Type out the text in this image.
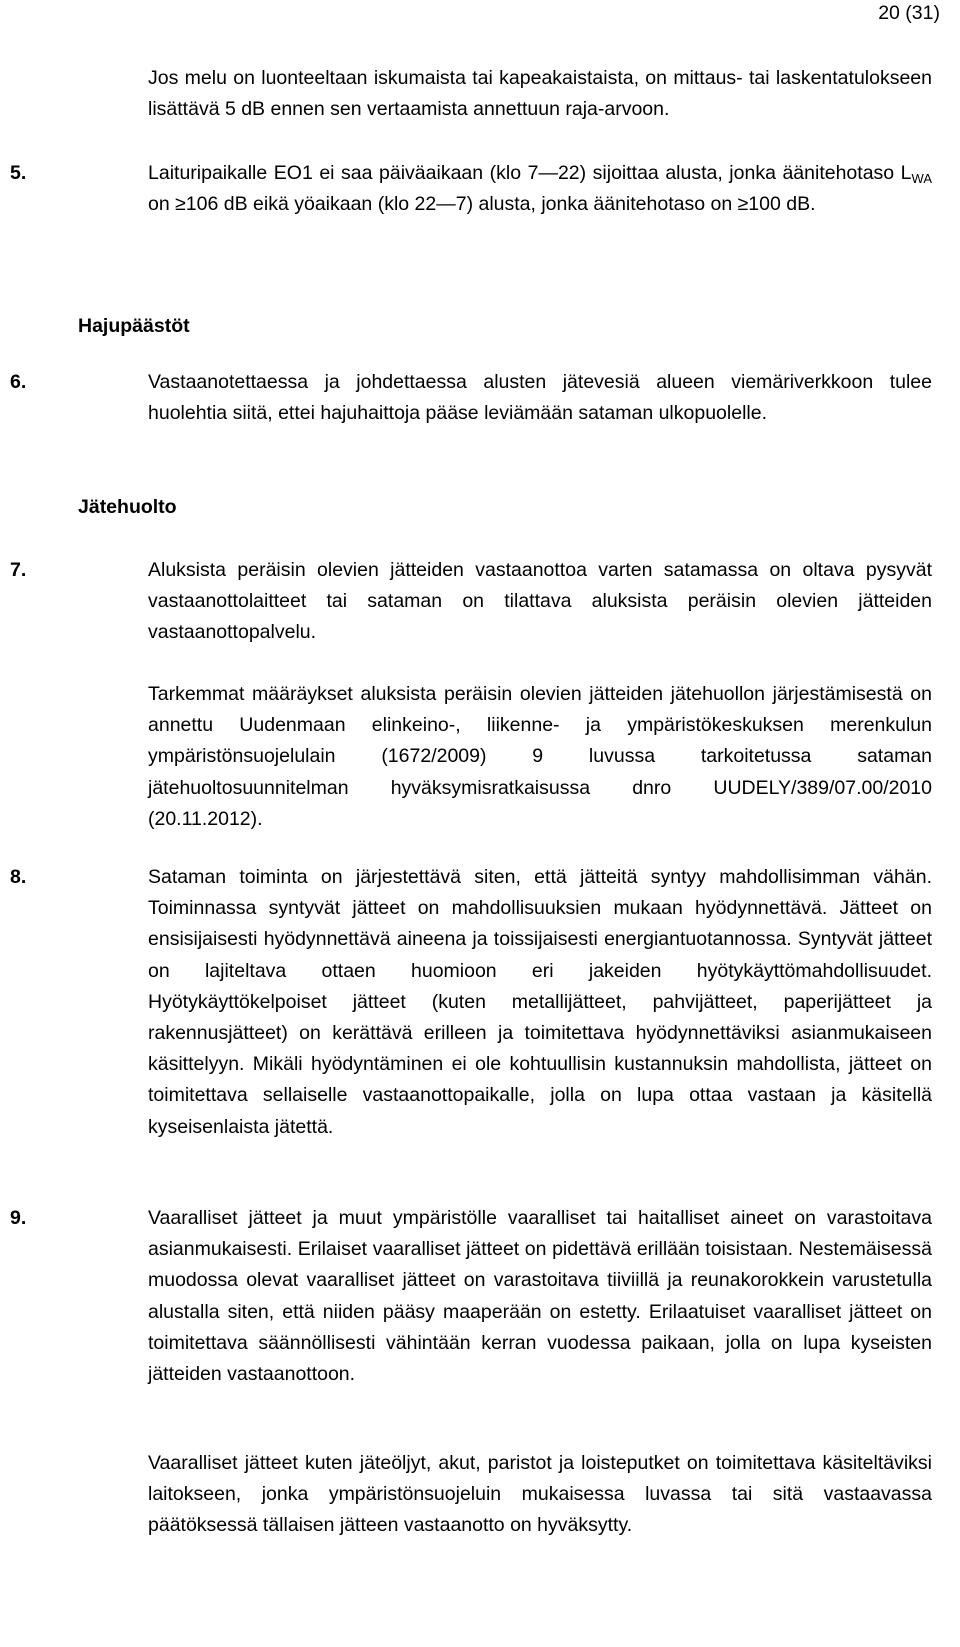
20 (31)

Jos melu on luonteeltaan iskumaista tai kapeakaistaista, on mittaus- tai laskentatulokseen lisättävä 5 dB ennen sen vertaamista annettuun raja-arvoon.

5.	Laituripaikalle EO1 ei saa päiväaikaan (klo 7—22) sijoittaa alusta, jonka äänitehotaso $L_{WA}$ on ≥106 dB eikä yöaikaan (klo 22—7) alusta, jonka äänitehotaso on ≥100 dB.

Hajupäästöt

6.	Vastaanotettaessa ja johdettaessa alusten jätevesiä alueen viemäriverkkoon tulee huolehtia siitä, ettei hajuhaittoja pääse leviämään sataman ulkopuolelle.

Jätehuolto

7.	Aluksista peräisin olevien jätteiden vastaanottoa varten satamassa on oltava pysyvät vastaanottolaitteet tai sataman on tilattava aluksista peräisin olevien jätteiden vastaanottopalvelu.

Tarkemmat määräykset aluksista peräisin olevien jätteiden jätehuollon järjestämisestä on annettu Uudenmaan elinkeino-, liikenne- ja ympäristökeskuksen merenkulun ympäristönsuojelulain (1672/2009) 9 luvussa tarkoitetussa sataman jätehuoltosuunnitelman hyväksymisratkaisussa dnro UUDELY/389/07.00/2010 (20.11.2012).

8.	Sataman toiminta on järjestettävä siten, että jätteitä syntyy mahdollisimman vähän. Toiminnassa syntyvät jätteet on mahdollisuuksien mukaan hyödynnettävä. Jätteet on ensisijaisesti hyödynnettävä aineena ja toissijaisesti energiantuotannossa. Syntyvät jätteet on lajiteltava ottaen huomioon eri jakeiden hyötykäyttömahdollisuudet. Hyötykäyttökelpoiset jätteet (kuten metallijätteet, pahvijätteet, paperijätteet ja rakennusjätteet) on kerättävä erilleen ja toimitettava hyödynnettäviksi asianmukaiseen käsittelyyn. Mikäli hyödyntäminen ei ole kohtuullisin kustannuksin mahdollista, jätteet on toimitettava sellaiselle vastaanottopaikalle, jolla on lupa ottaa vastaan ja käsitellä kyseisenlaista jätettä.

9.	Vaaralliset jätteet ja muut ympäristölle vaaralliset tai haitalliset aineet on varastoitava asianmukaisesti. Erilaiset vaaralliset jätteet on pidettävä erillään toisistaan. Nestemäisessä muodossa olevat vaaralliset jätteet on varastoitava tiiviillä ja reunakorokkein varustetulla alustalla siten, että niiden pääsy maaperään on estetty. Erilaatuiset vaaralliset jätteet on toimitettava säännöllisesti vähintään kerran vuodessa paikaan, jolla on lupa kyseisten jätteiden vastaanottoon.

Vaaralliset jätteet kuten jäteöljyt, akut, paristot ja loisteputket on toimitettava käsiteltäviksi laitokseen, jonka ympäristönsuojeluin mukaisessa luvassa tai sitä vastaavassa päätöksessä tällaisen jätteen vastaanotto on hyväksytty.
